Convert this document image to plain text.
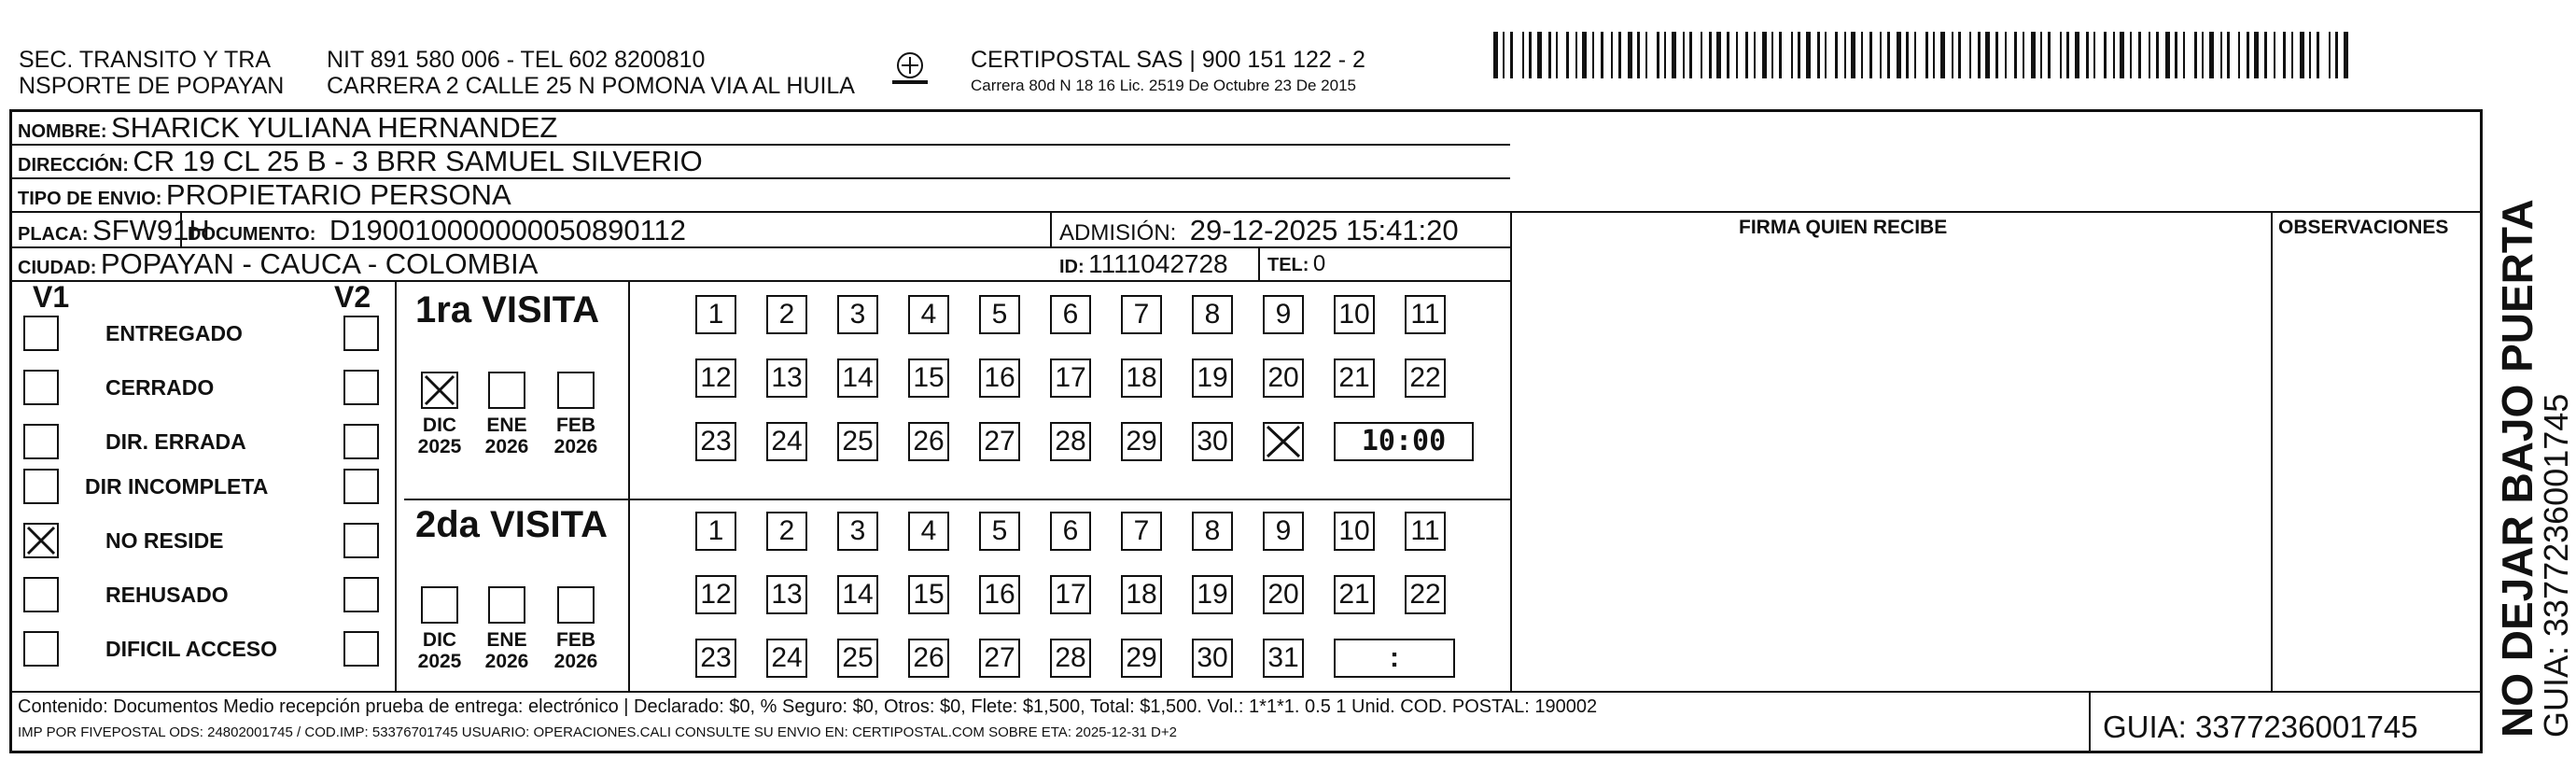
SEC. TRANSITO Y TRA
NSPORTE DE POPAYAN
NIT 891 580 006 - TEL 602 8200810
CARRERA 2 CALLE 25 N POMONA VIA AL HUILA
CERTIPOSTAL SAS | 900 151 122 - 2
Carrera 80d N 18 16 Lic. 2519 De Octubre 23 De 2015
NOMBRE: SHARICK YULIANA HERNANDEZ
DIRECCIÓN: CR 19 CL 25 B - 3 BRR SAMUEL SILVERIO
TIPO DE ENVIO: PROPIETARIO PERSONA
PLACA: SFW91H
DOCUMENTO: D190010000000050890112	ADMISIÓN: 29-12-2025 15:41:20
CIUDAD: POPAYAN - CAUCA - COLOMBIA	ID: 1111042728 TEL: 0
FIRMA QUIEN RECIBE	OBSERVACIONES
V1	V2
ENTREGADO
CERRADO
DIR. ERRADA
DIR INCOMPLETA
NO RESIDE
REHUSADO
DIFICIL ACCESO
1ra VISITA
DIC
2025
ENE
2026
FEB
2026
1	2	3	4	5	6	7	8	9	10 11
12 13 14 15 16 17 18 19 20 21 22
23 24 25 26 27 28 29 30	10:00
2da VISITA
DIC
2025
ENE
2026
FEB
2026
1	2	3	4	5	6	7	8	9	10 11
12 13 14 15 16 17 18 19 20 21 22
23 24 25 26 27 28 29 30 31	:
Contenido: Documentos Medio recepción prueba de entrega: electrónico | Declarado: $0, % Seguro: $0, Otros: $0, Flete: $1,500, Total: $1,500. Vol.: 1*1*1. 0.5 1 Unid. COD. POSTAL: 190002
IMP POR FIVEPOSTAL ODS: 24802001745 / COD.IMP: 53376701745 USUARIO: OPERACIONES.CALI CONSULTE SU ENVIO EN: CERTIPOSTAL.COM SOBRE ETA: 2025-12-31 D+2	GUIA: 3377236001745 NO DEJAR BAJO PUERTA
GUIA: 3377236001745
